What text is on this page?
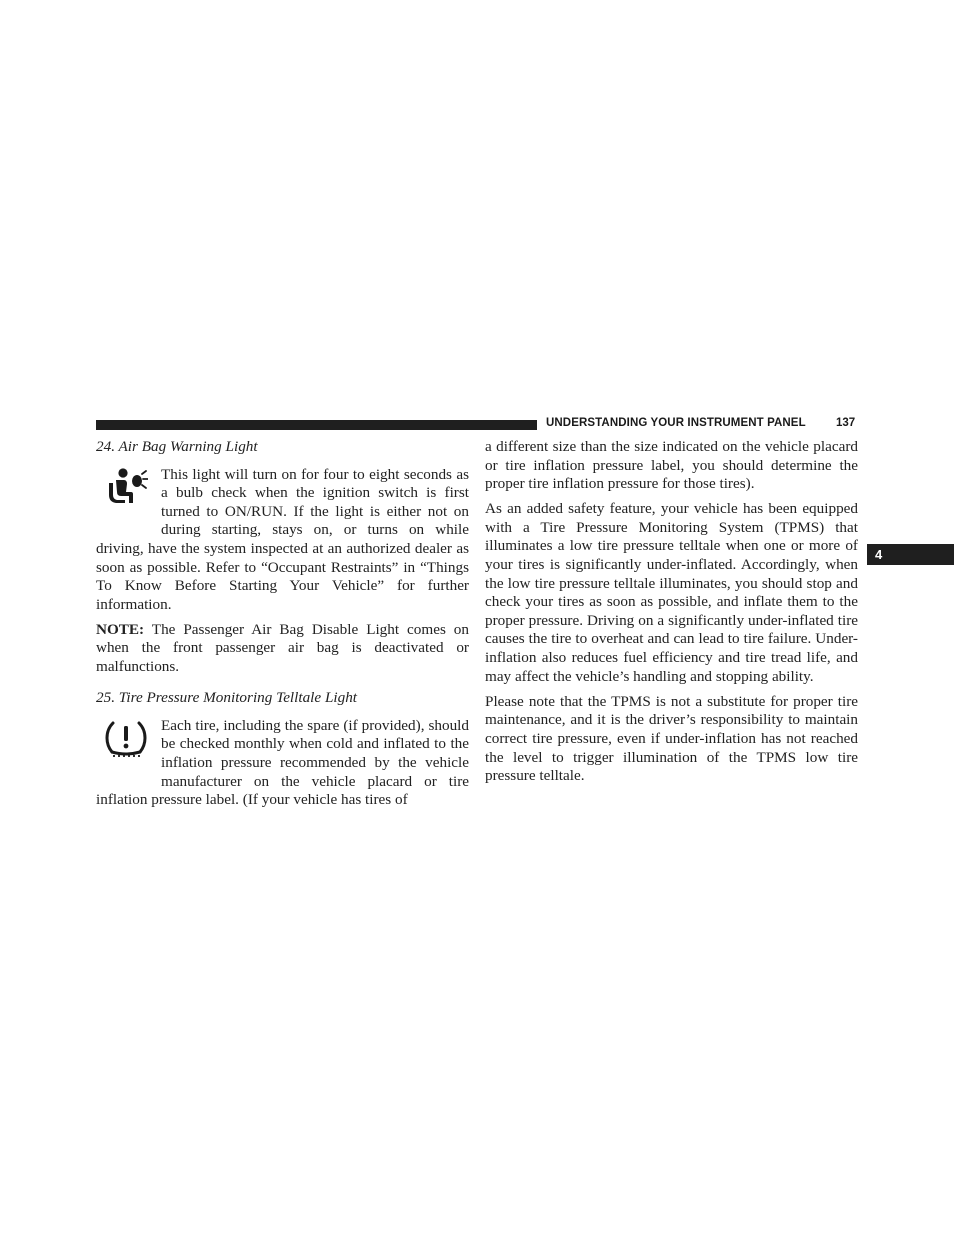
UNDERSTANDING YOUR INSTRUMENT PANEL	137
4
24. Air Bag Warning Light

This light will turn on for four to eight seconds as a bulb check when the ignition switch is first turned to ON/RUN. If the light is either not on during starting, stays on, or turns on while driving, have the system inspected at an authorized dealer as soon as possible. Refer to “Occupant Restraints” in “Things To Know Before Starting Your Vehicle” for further information.

NOTE: The Passenger Air Bag Disable Light comes on when the front passenger air bag is deactivated or malfunctions.

25. Tire Pressure Monitoring Telltale Light

Each tire, including the spare (if provided), should be checked monthly when cold and inflated to the inflation pressure recommended by the vehicle manufacturer on the vehicle placard or tire inflation pressure label. (If your vehicle has tires of

a different size than the size indicated on the vehicle placard or tire inflation pressure label, you should determine the proper tire inflation pressure for those tires).

As an added safety feature, your vehicle has been equipped with a Tire Pressure Monitoring System (TPMS) that illuminates a low tire pressure telltale when one or more of your tires is significantly under-inflated. Accordingly, when the low tire pressure telltale illuminates, you should stop and check your tires as soon as possible, and inflate them to the proper pressure. Driving on a significantly under-inflated tire causes the tire to overheat and can lead to tire failure. Under-inflation also reduces fuel efficiency and tire tread life, and may affect the vehicle’s handling and stopping ability.

Please note that the TPMS is not a substitute for proper tire maintenance, and it is the driver’s responsibility to maintain correct tire pressure, even if under-inflation has not reached the level to trigger illumination of the TPMS low tire pressure telltale.
